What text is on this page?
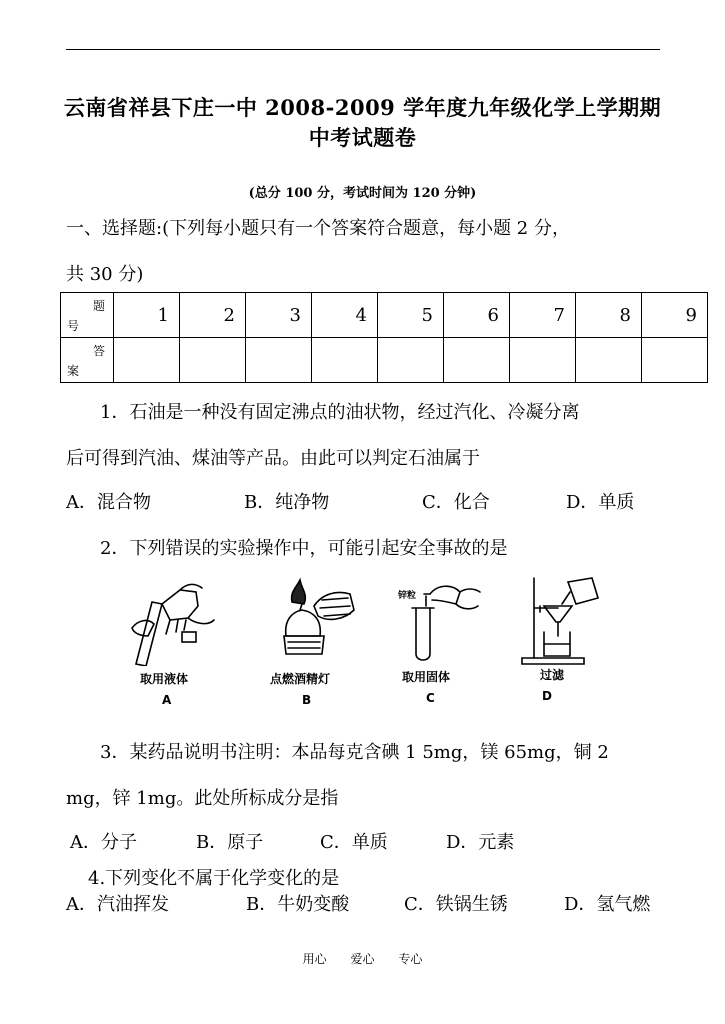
云南省祥县下庄一中 2008-2009 学年度九年级化学上学期期
中考试题卷
(总分 100 分，考试时间为 120 分钟)
一、选择题:(下列每小题只有一个答案符合题意，每小题 2 分，
共 30 分)
题
号	1	2	3	4	5	6	7	8	9

答
案									

1．石油是一种没有固定沸点的油状物，经过汽化、冷凝分离
后可得到汽油、煤油等产品。由此可以判定石油属于
A．混合物	B．纯净物	C．化合	D．单质
2．下列错误的实验操作中，可能引起安全事故的是
取用液体
A
点燃酒精灯
B
锌粒
取用固体
C
过滤
D
3．某药品说明书注明：本品每克含碘 1 5mg，镁 65mg，铜 2
mg，锌 1mg。此处所标成分是指
A．分子	B．原子	C．单质	D．元素
4.下列变化不属于化学变化的是
A．汽油挥发	B．牛奶变酸	C．铁锅生锈	D．氢气燃
用心 爱心 专心
